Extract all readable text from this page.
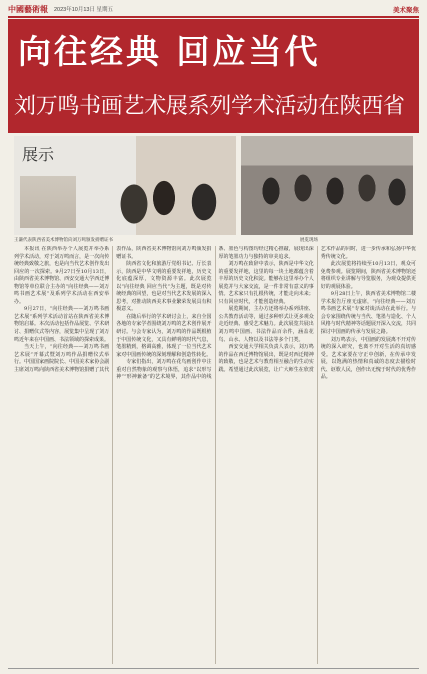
中國藝術報 2023年10月13日 星期五	美术聚焦
向往经典 回应当代
刘万鸣书画艺术展系列学术活动在陕西省
展示
王谦代表陕西省美术博物馆向刘万鸣颁发捐赠证书	展览现场

本报讯 在陕西举办个人展览并举办系列学术活动，对于刘万鸣而言，是一次向传统经典致敬之旅，也是向当代艺术创作发出回应的一次探索。9月27日至10月13日，由陕西省美术博物馆、西安交通大学西迁博物馆等单位联合主办的“向往经典——刘万鸣书画艺术展”及系列学术活动在西安举办。

9月27日，“向往经典——刘万鸣书画艺术展”系列学术活动首站在陕西省美术博物馆启幕。本次活动包括作品展览、学术研讨、捐赠仪式等内容，展览集中呈现了刘万鸣近年来在中国画、书法领域的探索成果。

当天上午，“向往经典——刘万鸣书画艺术展”开幕式暨刘万鸣作品捐赠仪式举行。中国国家画院院长、中国美术家协会副主席刘万鸣向陕西省美术博物馆捐赠了其代表作品，陕西省美术博物馆向刘万鸣颁发捐赠证书。

陕西省文化和旅游厅党组书记、厅长表示，陕西是中华文明的重要发祥地，历史文化底蕴深厚，文物资源丰富。此次展览以“向往经典 回应当代”为主题，既是对传统经典的回望，也是对当代艺术发展的深入思考，对推动陕西美术事业繁荣发展具有积极意义。

在随后举行的学术研讨会上，来自全国各地的专家学者围绕刘万鸣的艺术创作展开研讨。与会专家认为，刘万鸣的作品既根植于中国传统文化，又具有鲜明的时代气息，笔墨精到，格调高雅，体现了一位当代艺术家对中国画传统的深刻理解和创造性转化。

专家们指出，刘万鸣在花鸟画创作中注重对自然物象的观察与体悟，追求“以形写神”“形神兼备”的艺术境界，其作品中的线条、墨色与构图均经过精心推敲，展现出深厚的笔墨功力与独特的审美追求。

刘万鸣在致辞中表示，陕西是中华文化的重要发祥地，这里的每一块土地都蕴含着丰厚的历史文化积淀。能够在这里举办个人展览并与大家交流，是一件非常有意义的事情。艺术家只有扎根传统，才能走向未来；只有回应时代，才能创造经典。

展览期间，主办方还将举办系列讲座、公共教育活动等，通过多种形式让更多观众走近经典、感受艺术魅力。此次展览共展出刘万鸣中国画、书法作品百余件，涵盖花鸟、山水、人物以及书法等多个门类。

西安交通大学相关负责人表示，刘万鸣的作品在西迁博物馆展出，既是对西迁精神的致敬，也是艺术与教育相互融合的生动实践。希望通过此次展览，让广大师生在欣赏艺术作品的同时，进一步传承和弘扬中华优秀传统文化。

此次展览将持续至10月13日，观众可免费参观。展览期间，陕西省美术博物馆还将组织专业讲解与导览服务，为观众提供更好的观展体验。

9月28日上午，陕西省美术博物馆二楼学术报告厅座无虚席，“向往经典——刘万鸣书画艺术展”专家对谈活动在此举行。与会专家围绕传统与当代、笔墨与造化、个人风格与时代精神等话题展开深入交流，共同探讨中国画的传承与发展之路。

刘万鸣表示，中国画的发展离不开对传统的深入研究，也离不开对生活的真切感受。艺术家要在守正中创新，在传承中发展，以饱满的热情和真诚的态度去描绘时代、讴歌人民，创作出无愧于时代的优秀作品。
